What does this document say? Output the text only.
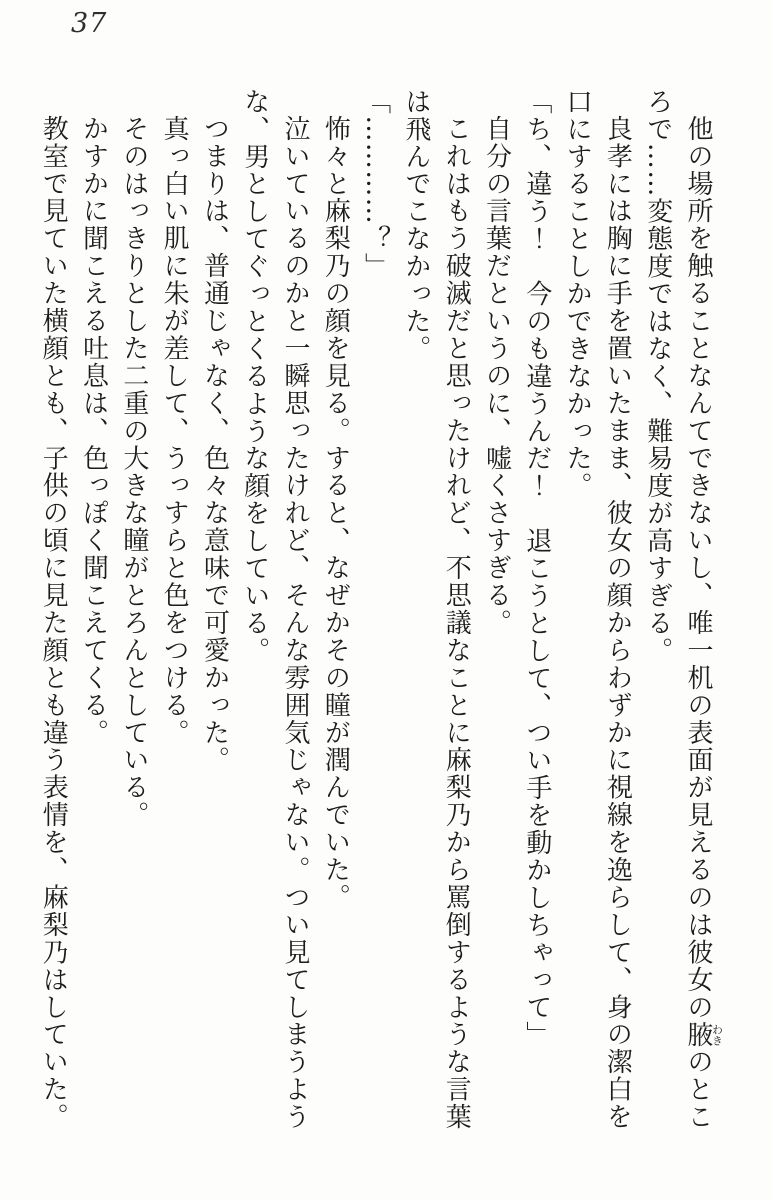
37

他の場所を触ることなんてできないし、唯一机の表面が見えるのは彼女の腋わきのところで……変態度ではなく、難易度が高すぎる。

良孝には胸に手を置いたまま、彼女の顔からわずかに視線を逸らして、身の潔白を口にすることしかできなかった。

「ち、違う！　今のも違うんだ！　退こうとして、つい手を動かしちゃって」

自分の言葉だというのに、嘘くさすぎる。

これはもう破滅だと思ったけれど、不思議なことに麻梨乃から罵倒するような言葉は飛んでこなかった。

「…………？」

怖々と麻梨乃の顔を見る。すると、なぜかその瞳が潤んでいた。

泣いているのかと一瞬思ったけれど、そんな雰囲気じゃない。つい見てしまうような、男としてぐっとくるような顔をしている。

つまりは、普通じゃなく、色々な意味で可愛かった。

真っ白い肌に朱が差して、うっすらと色をつける。

そのはっきりとした二重の大きな瞳がとろんとしている。

かすかに聞こえる吐息は、色っぽく聞こえてくる。

教室で見ていた横顔とも、子供の頃に見た顔とも違う表情を、麻梨乃はしていた。
